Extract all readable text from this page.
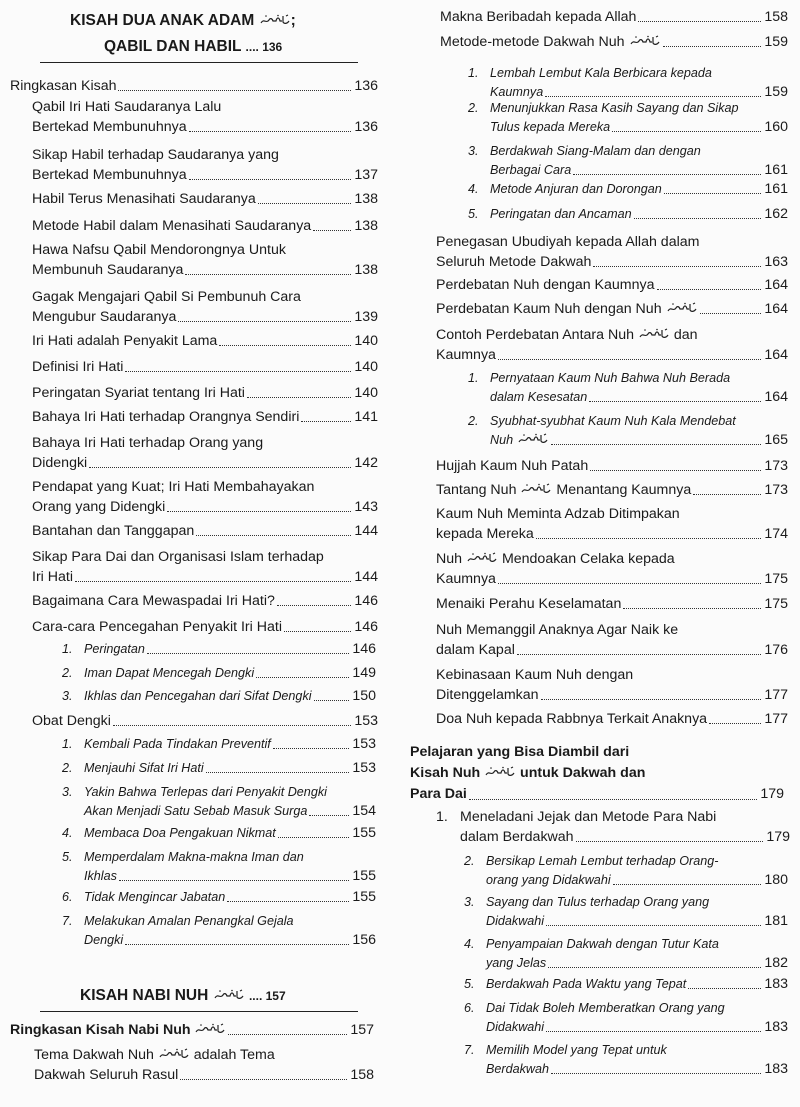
KISAH DUA ANAK ADAM ;
QABIL DAN HABIL .... 136
Ringkasan Kisah	136
Qabil Iri Hati Saudaranya Lalu
Bertekad Membunuhnya	136
Sikap Habil terhadap Saudaranya yang
Bertekad Membunuhnya	137
Habil Terus Menasihati Saudaranya	138
Metode Habil dalam Menasihati Saudaranya	138
Hawa Nafsu Qabil Mendorongnya Untuk
Membunuh Saudaranya	138
Gagak Mengajari Qabil Si Pembunuh Cara
Mengubur Saudaranya	139
Iri Hati adalah Penyakit Lama	140
Definisi Iri Hati	140
Peringatan Syariat tentang Iri Hati	140
Bahaya Iri Hati terhadap Orangnya Sendiri	141
Bahaya Iri Hati terhadap Orang yang
Didengki	142
Pendapat yang Kuat; Iri Hati Membahayakan
Orang yang Didengki	143
Bantahan dan Tanggapan	144
Sikap Para Dai dan Organisasi Islam terhadap
Iri Hati	144
Bagaimana Cara Mewaspadai Iri Hati?	146
Cara-cara Pencegahan Penyakit Iri Hati	146
1. Peringatan	146
2. Iman Dapat Mencegah Dengki	149
3. Ikhlas dan Pencegahan dari Sifat Dengki	150
Obat Dengki	153
1. Kembali Pada Tindakan Preventif	153
2. Menjauhi Sifat Iri Hati	153
3. Yakin Bahwa Terlepas dari Penyakit Dengki
Akan Menjadi Satu Sebab Masuk Surga	154
4. Membaca Doa Pengakuan Nikmat	155
5. Memperdalam Makna-makna Iman dan
Ikhlas	155
6. Tidak Mengincar Jabatan	155
7. Melakukan Amalan Penangkal Gejala
Dengki	156
KISAH NABI NUH	.... 157
Ringkasan Kisah Nabi Nuh	157
Tema Dakwah Nuh	adalah Tema
Dakwah Seluruh Rasul	158
Makna Beribadah kepada Allah	158
Metode-metode Dakwah Nuh	159
1. Lembah Lembut Kala Berbicara kepada
Kaumnya	159
2. Menunjukkan Rasa Kasih Sayang dan Sikap
Tulus kepada Mereka	160
3. Berdakwah Siang-Malam dan dengan
Berbagai Cara	161
4. Metode Anjuran dan Dorongan	161
5. Peringatan dan Ancaman	162
Penegasan Ubudiyah kepada Allah dalam
Seluruh Metode Dakwah	163
Perdebatan Nuh dengan Kaumnya	164
Perdebatan Kaum Nuh dengan Nuh	164
Contoh Perdebatan Antara Nuh	dan
Kaumnya	164
1. Pernyataan Kaum Nuh Bahwa Nuh Berada
dalam Kesesatan	164
2. Syubhat-syubhat Kaum Nuh Kala Mendebat
Nuh	165
Hujjah Kaum Nuh Patah	173
Tantang Nuh	Menantang Kaumnya	173
Kaum Nuh Meminta Adzab Ditimpakan
kepada Mereka	174
Nuh	Mendoakan Celaka kepada
Kaumnya	175
Menaiki Perahu Keselamatan	175
Nuh Memanggil Anaknya Agar Naik ke
dalam Kapal	176
Kebinasaan Kaum Nuh dengan
Ditenggelamkan	177
Doa Nuh kepada Rabbnya Terkait Anaknya	177
Pelajaran yang Bisa Diambil dari
Kisah Nuh	untuk Dakwah dan
Para Dai	179
1. Meneladani Jejak dan Metode Para Nabi
dalam Berdakwah	179
2. Bersikap Lemah Lembut terhadap Orang-
orang yang Didakwahi	180
3. Sayang dan Tulus terhadap Orang yang
Didakwahi	181
4. Penyampaian Dakwah dengan Tutur Kata
yang Jelas	182
5. Berdakwah Pada Waktu yang Tepat	183
6. Dai Tidak Boleh Memberatkan Orang yang
Didakwahi	183
7. Memilih Model yang Tepat untuk
Berdakwah	183
